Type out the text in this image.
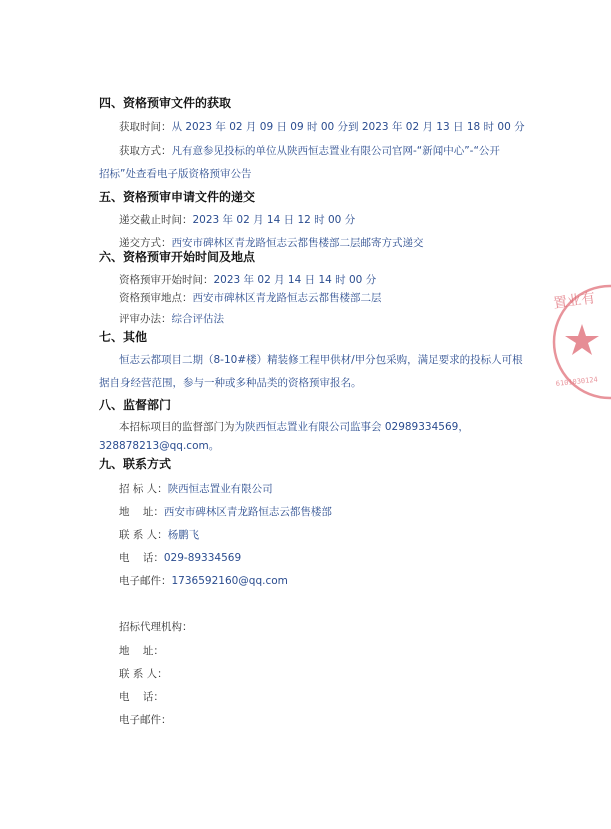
四、资格预审文件的获取
获取时间：从 2023 年 02 月 09 日 09 时 00 分到 2023 年 02 月 13 日 18 时 00 分
获取方式：凡有意参见投标的单位从陕西恒志置业有限公司官网-“新闻中心”-“公开
招标”处查看电子版资格预审公告
五、资格预审申请文件的递交
递交截止时间：2023 年 02 月 14 日 12 时 00 分
递交方式：西安市碑林区青龙路恒志云都售楼部二层邮寄方式递交
六、资格预审开始时间及地点
资格预审开始时间：2023 年 02 月 14 日 14 时 00 分
资格预审地点：西安市碑林区青龙路恒志云都售楼部二层
评审办法：综合评估法
七、其他
恒志云都项目二期（8-10#楼）精装修工程甲供材/甲分包采购，满足要求的投标人可根
据自身经营范围，参与一种或多种品类的资格预审报名。
八、监督部门
本招标项目的监督部门为为陕西恒志置业有限公司监事会 02989334569，
328878213@qq.com。
九、联系方式
招 标 人：陕西恒志置业有限公司
地    址：西安市碑林区青龙路恒志云都售楼部
联 系 人：杨鹏飞
电    话：029-89334569
电子邮件：1736592160@qq.com
招标代理机构：
地    址：
联 系 人：
电    话：
电子邮件：
置业有
6101030124
